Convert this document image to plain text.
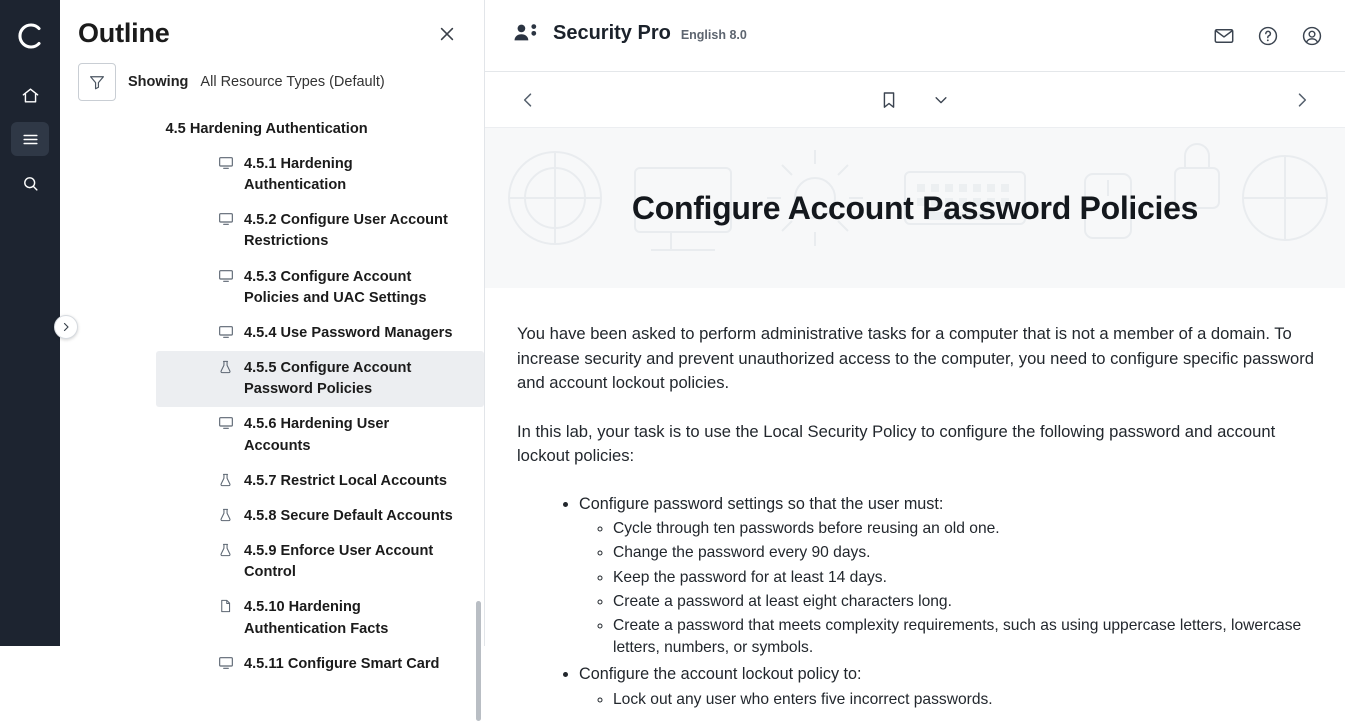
Outline
Showing All Resource Types (Default)
4.5 Hardening Authentication
4.5.1 Hardening Authentication
4.5.2 Configure User Account Restrictions
4.5.3 Configure Account Policies and UAC Settings
4.5.4 Use Password Managers
4.5.5 Configure Account Password Policies
4.5.6 Hardening User Accounts
4.5.7 Restrict Local Accounts
4.5.8 Secure Default Accounts
4.5.9 Enforce User Account Control
4.5.10 Hardening Authentication Facts
4.5.11 Configure Smart Card
Security Pro English 8.0
Configure Account Password Policies

You have been asked to perform administrative tasks for a computer that is not a member of a domain. To increase security and prevent unauthorized access to the computer, you need to configure specific password and account lockout policies.

In this lab, your task is to use the Local Security Policy to configure the following password and account lockout policies:

• Configure password settings so that the user must:
◦ Cycle through ten passwords before reusing an old one.
◦ Change the password every 90 days.
◦ Keep the password for at least 14 days.
◦ Create a password at least eight characters long.
◦ Create a password that meets complexity requirements, such as using uppercase letters, lowercase letters, numbers, or symbols.
• Configure the account lockout policy to:
◦ Lock out any user who enters five incorrect passwords.
